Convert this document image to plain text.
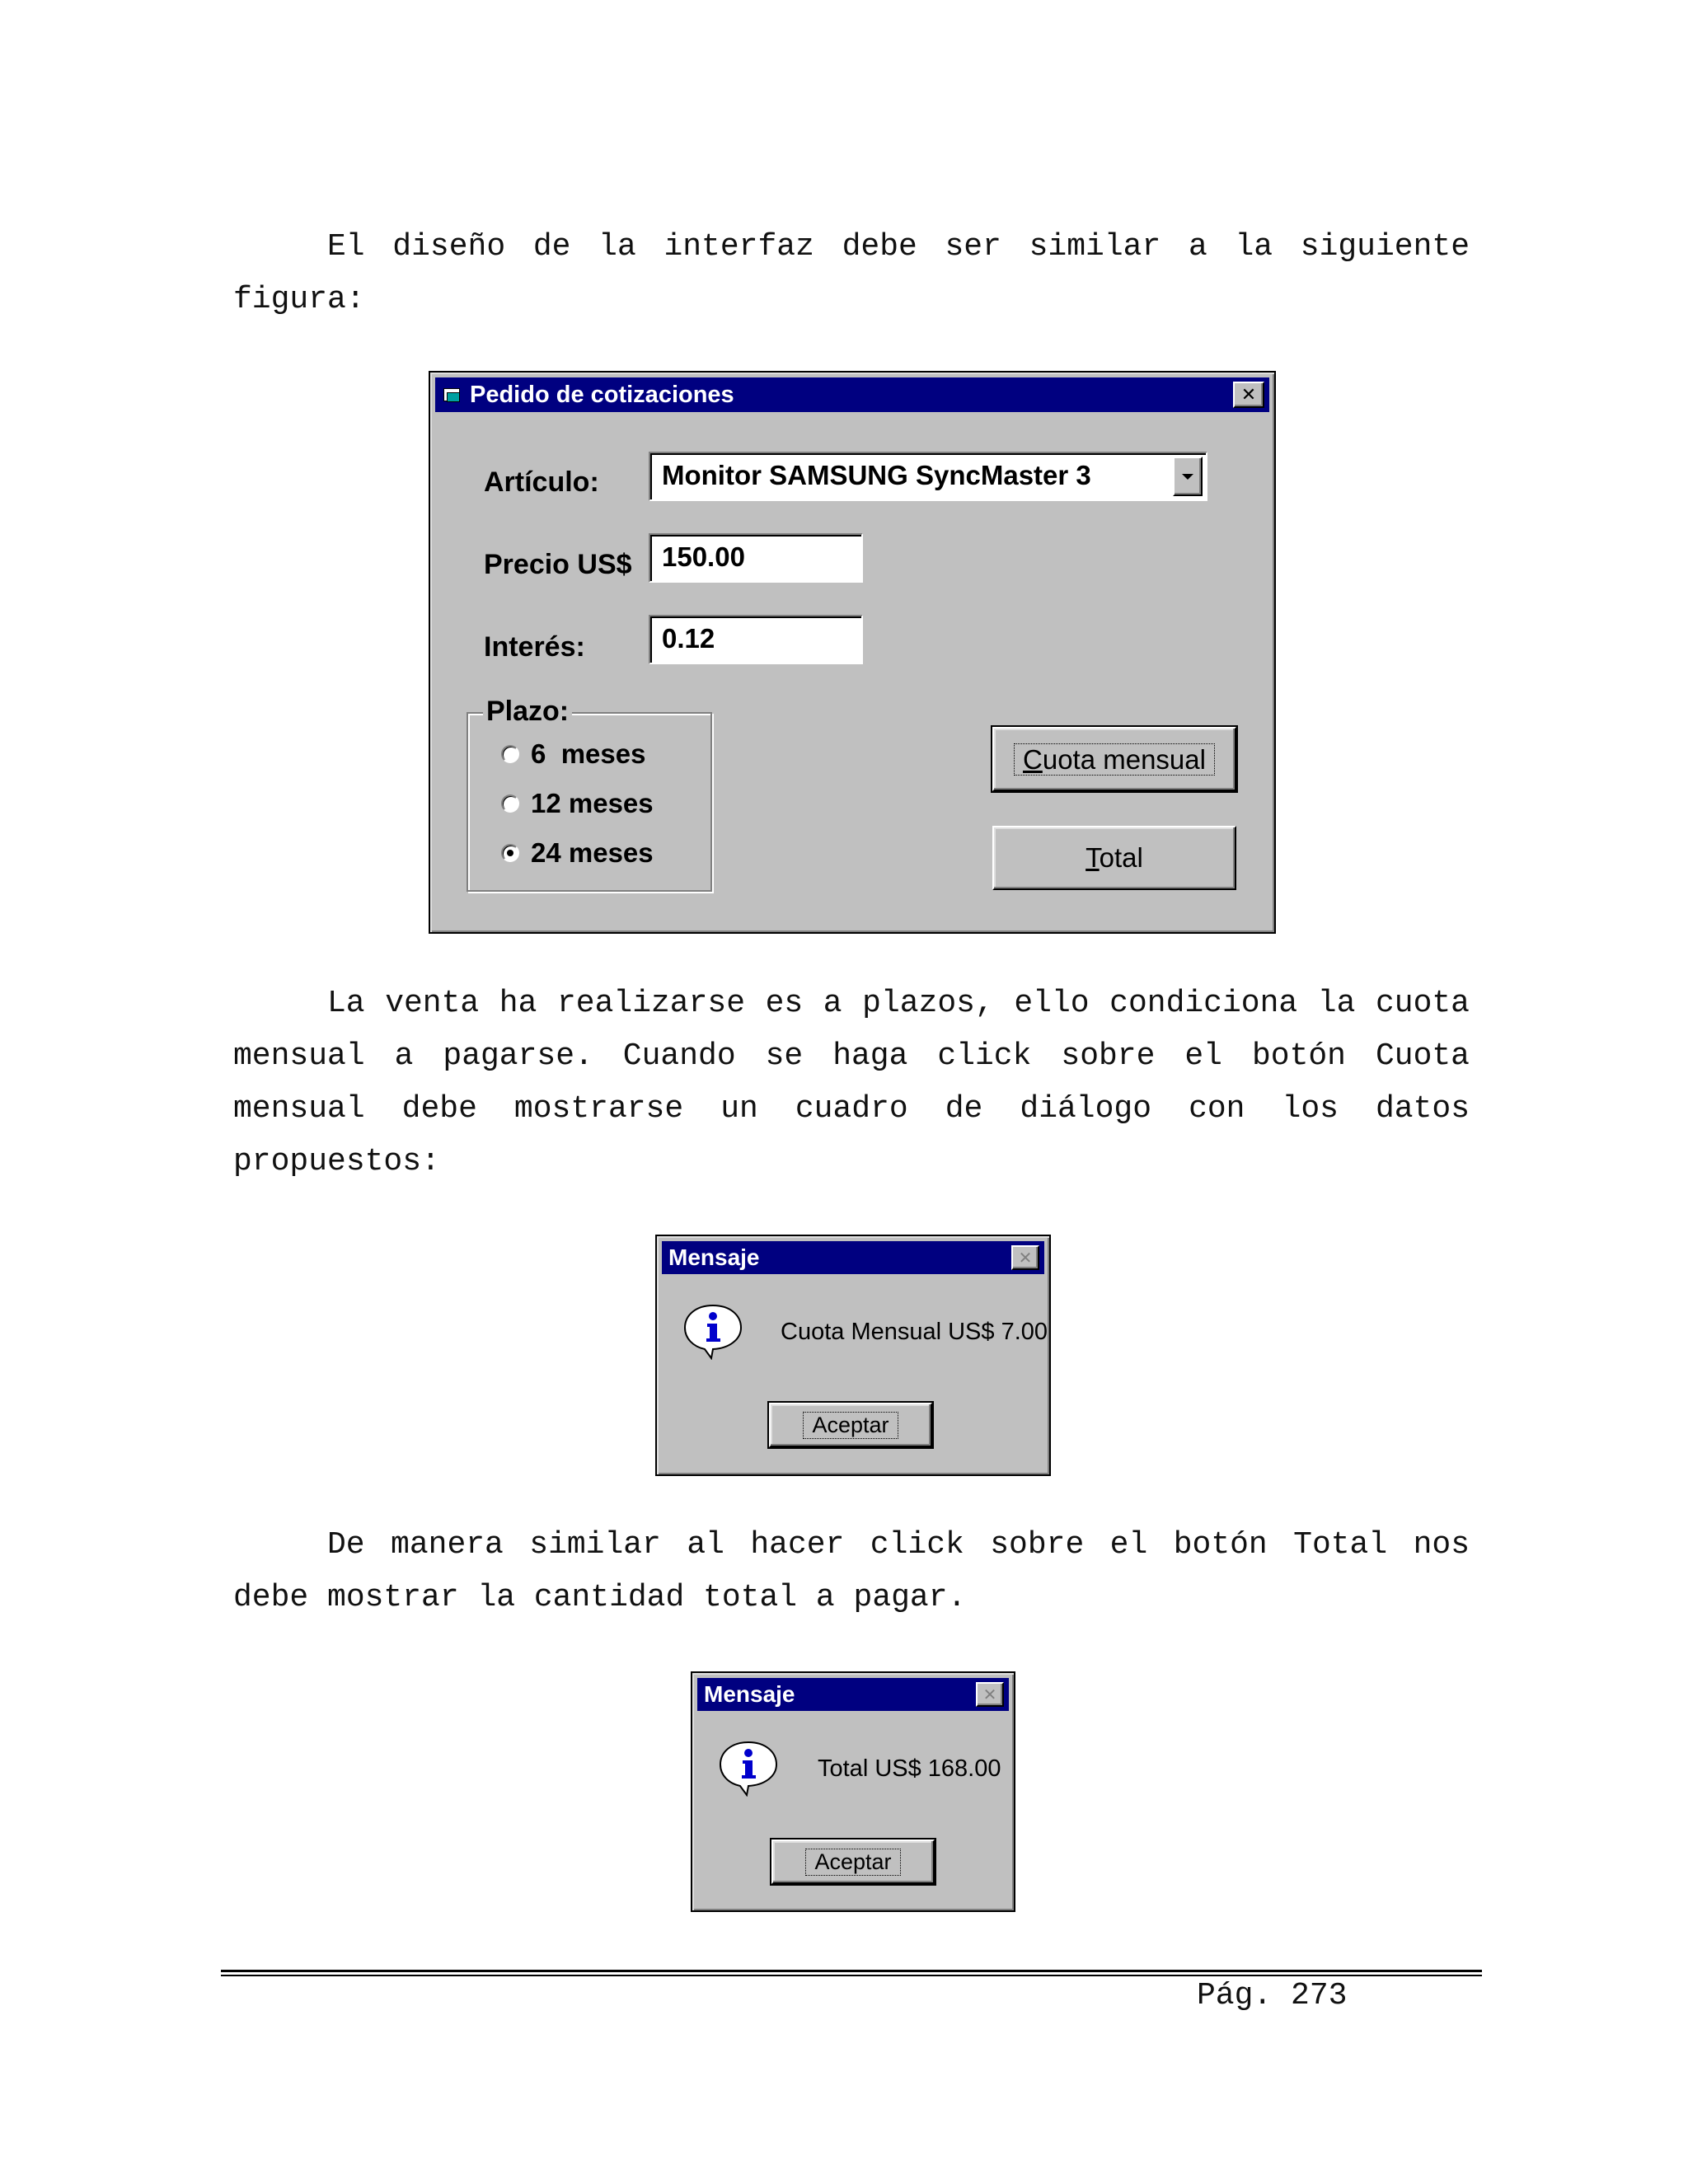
El diseño de la interfaz debe ser similar a la siguiente figura:

Pedido de cotizaciones	✕
Artículo:	Monitor SAMSUNG SyncMaster 3
Precio US$	150.00
Interés:	0.12
Plazo:
6  meses
12 meses
24 meses
Cuota mensual
Total

La venta ha realizarse es a plazos, ello condiciona la cuota mensual a pagarse. Cuando se haga click sobre el botón Cuota mensual debe mostrarse un cuadro de diálogo con los datos propuestos:

Mensaje	✕
Cuota Mensual US$ 7.00
Aceptar

De manera similar al hacer click sobre el botón Total nos debe mostrar la cantidad total a pagar.

Mensaje	✕
Total US$ 168.00
Aceptar
Pág. 273
